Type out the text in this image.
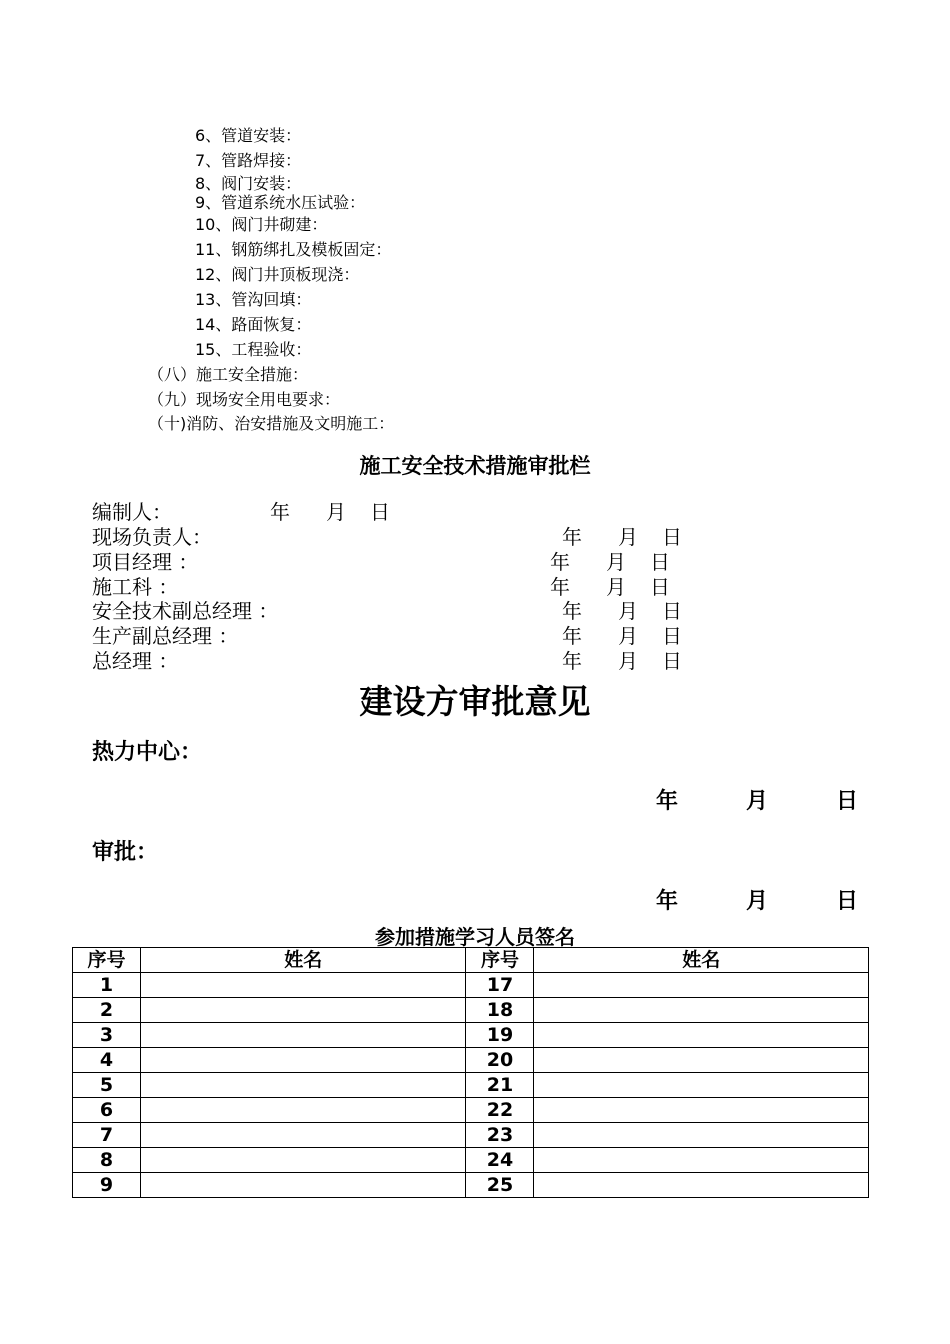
6、管道安装：
7、管路焊接：
8、阀门安装：
9、管道系统水压试验：
10、阀门井砌建：
11、钢筋绑扎及模板固定：
12、阀门井顶板现浇：
13、管沟回填：
14、路面恢复：
15、工程验收：
（八）施工安全措施：
（九）现场安全用电要求：
（十)消防、治安措施及文明施工：
施工安全技术措施审批栏
编制人：	年 月 日
现场负责人：	年 月 日
项目经理 ：	年 月 日
施工科 ：	年 月 日
安全技术副总经理 ：	年 月 日
生产副总经理 ：	年 月 日
总经理 ：	年 月 日
建设方审批意见
热力中心：
年	月	日
审批：
年	月	日
参加措施学习人员签名
序号	姓名	序号	姓名
1		17	
2		18	
3		19	
4		20	
5		21	
6		22	
7		23	
8		24	
9		25	
